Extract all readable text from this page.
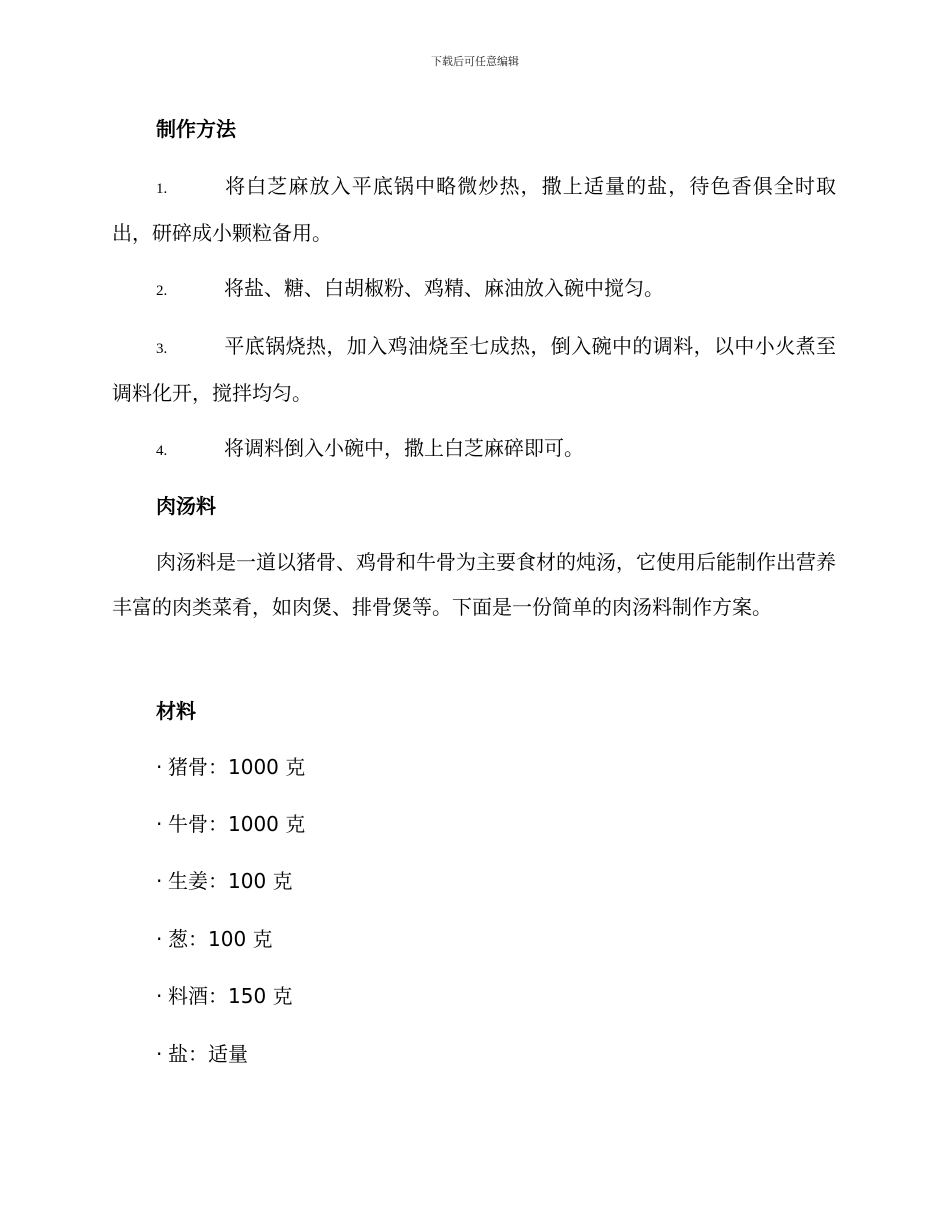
下载后可任意编辑
制作方法
1.	将白芝麻放入平底锅中略微炒热，撒上适量的盐，待色香俱全时取出，研碎成小颗粒备用。
2.	将盐、糖、白胡椒粉、鸡精、麻油放入碗中搅匀。
3.	平底锅烧热，加入鸡油烧至七成热，倒入碗中的调料，以中小火煮至调料化开，搅拌均匀。
4.	将调料倒入小碗中，撒上白芝麻碎即可。
肉汤料
肉汤料是一道以猪骨、鸡骨和牛骨为主要食材的炖汤，它使用后能制作出营养丰富的肉类菜肴，如肉煲、排骨煲等。下面是一份简单的肉汤料制作方案。
材料
· 猪骨：1000 克
· 牛骨：1000 克
· 生姜：100 克
· 葱：100 克
· 料酒：150 克
· 盐：适量
